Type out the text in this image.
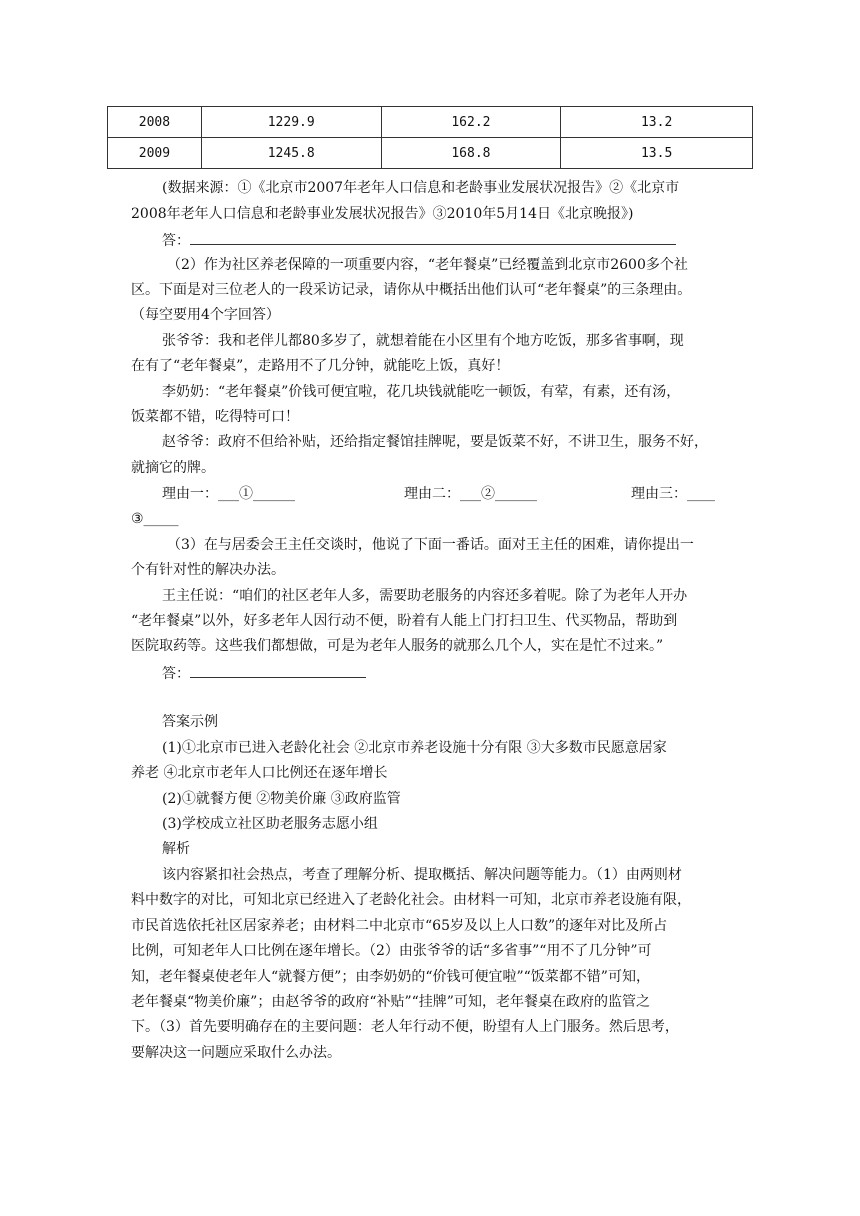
2008	1229.9	162.2	13.2
2009	1245.8	168.8	13.5
(数据来源：①《北京市2007年老年人口信息和老龄事业发展状况报告》②《北京市
2008年老年人口信息和老龄事业发展状况报告》③2010年5月14日《北京晚报》)
答：
（2）作为社区养老保障的一项重要内容，“老年餐桌”已经覆盖到北京市2600多个社
区。下面是对三位老人的一段采访记录，请你从中概括出他们认可“老年餐桌”的三条理由。
（每空要用4个字回答）
张爷爷：我和老伴儿都80多岁了，就想着能在小区里有个地方吃饭，那多省事啊，现
在有了“老年餐桌”，走路用不了几分钟，就能吃上饭，真好！
李奶奶：“老年餐桌”价钱可便宜啦，花几块钱就能吃一顿饭，有荤，有素，还有汤，
饭菜都不错，吃得特可口！
赵爷爷：政府不但给补贴，还给指定餐馆挂牌呢，要是饭菜不好，不讲卫生，服务不好，
就摘它的牌。
理由一：___①______	理由二：___②______	理由三：____
③_____
（3）在与居委会王主任交谈时，他说了下面一番话。面对王主任的困难，请你提出一
个有针对性的解决办法。
王主任说：“咱们的社区老年人多，需要助老服务的内容还多着呢。除了为老年人开办
“老年餐桌”以外，好多老年人因行动不便，盼着有人能上门打扫卫生、代买物品，帮助到
医院取药等。这些我们都想做，可是为老年人服务的就那么几个人，实在是忙不过来。”
答：
答案示例
(1)①北京市已进入老龄化社会 ②北京市养老设施十分有限 ③大多数市民愿意居家
养老 ④北京市老年人口比例还在逐年增长
(2)①就餐方便 ②物美价廉 ③政府监管
(3)学校成立社区助老服务志愿小组
解析
该内容紧扣社会热点，考查了理解分析、提取概括、解决问题等能力。（1）由两则材
料中数字的对比，可知北京已经进入了老龄化社会。由材料一可知，北京市养老设施有限，
市民首选依托社区居家养老；由材料二中北京市“65岁及以上人口数”的逐年对比及所占
比例，可知老年人口比例在逐年增长。（2）由张爷爷的话“多省事”“用不了几分钟”可
知，老年餐桌使老年人“就餐方便”；由李奶奶的“价钱可便宜啦”“饭菜都不错”可知，
老年餐桌“物美价廉”；由赵爷爷的政府“补贴”“挂牌”可知，老年餐桌在政府的监管之
下。（3）首先要明确存在的主要问题：老人年行动不便，盼望有人上门服务。然后思考，
要解决这一问题应采取什么办法。
